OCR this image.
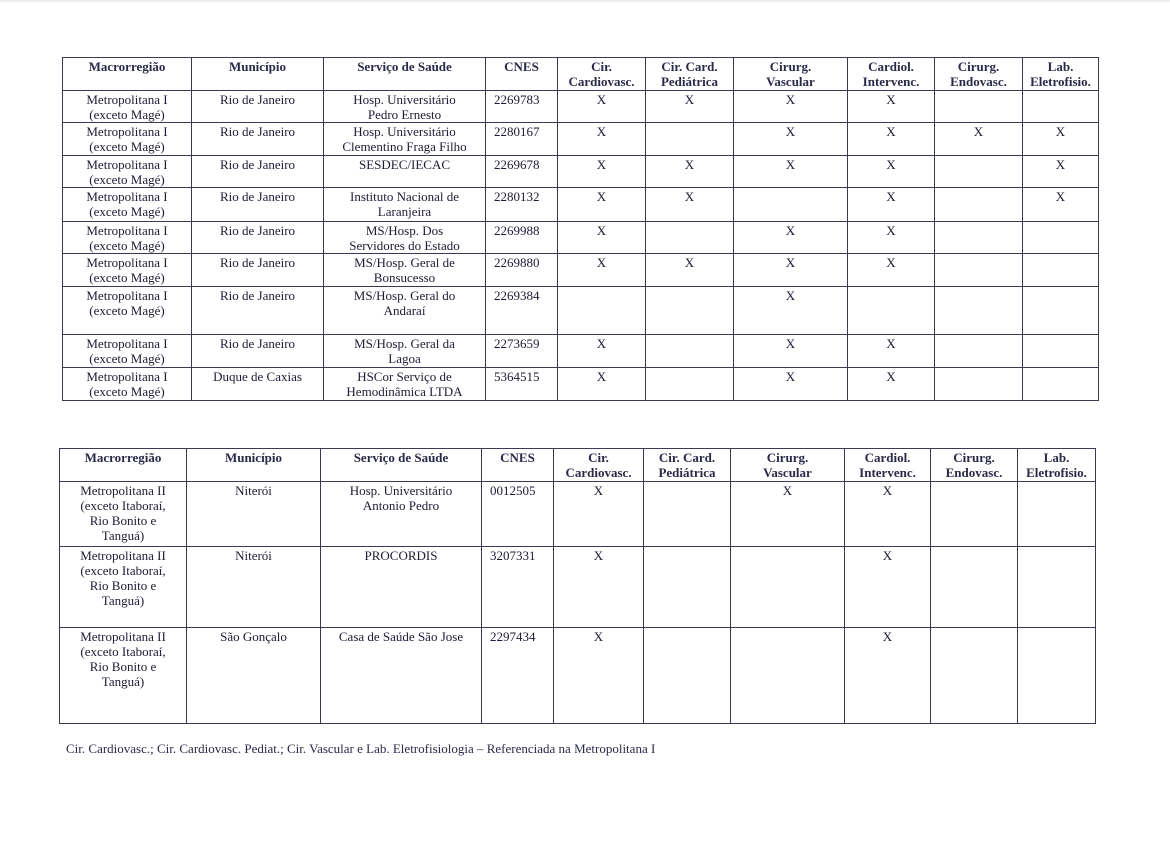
Macrorregião	Município	Serviço de Saúde	CNES	Cir.
Cardiovasc.	Cir. Card.
Pediátrica	Cirurg.
Vascular	Cardiol.
Intervenc.	Cirurg.
Endovasc.	Lab.
Eletrofisio.

Metropolitana I
(exceto Magé)	Rio de Janeiro	Hosp. Universitário
Pedro Ernesto	2269783	X	X	X	X		

Metropolitana I
(exceto Magé)	Rio de Janeiro	Hosp. Universitário
Clementino Fraga Filho	2280167	X		X	X	X	X

Metropolitana I
(exceto Magé)	Rio de Janeiro	SESDEC/IECAC	2269678	X	X	X	X		X

Metropolitana I
(exceto Magé)	Rio de Janeiro	Instituto Nacional de
Laranjeira	2280132	X	X		X		X

Metropolitana I
(exceto Magé)	Rio de Janeiro	MS/Hosp. Dos
Servidores do Estado	2269988	X		X	X		

Metropolitana I
(exceto Magé)	Rio de Janeiro	MS/Hosp. Geral de
Bonsucesso	2269880	X	X	X	X		

Metropolitana I
(exceto Magé)	Rio de Janeiro	MS/Hosp. Geral do
Andaraí	2269384			X			

Metropolitana I
(exceto Magé)	Rio de Janeiro	MS/Hosp. Geral da
Lagoa	2273659	X		X	X		

Metropolitana I
(exceto Magé)	Duque de Caxias	HSCor Serviço de
Hemodinâmica LTDA	5364515	X		X	X		
Macrorregião	Município	Serviço de Saúde	CNES	Cir.
Cardiovasc.	Cir. Card.
Pediátrica	Cirurg.
Vascular	Cardiol.
Intervenc.	Cirurg.
Endovasc.	Lab.
Eletrofisio.

Metropolitana II
(exceto Itaboraí,
Rio Bonito e
Tanguá)	Niterói	Hosp. Universitário
Antonio Pedro	0012505	X		X	X		

Metropolitana II
(exceto Itaboraí,
Rio Bonito e
Tanguá)	Niterói	PROCORDIS	3207331	X			X		

Metropolitana II
(exceto Itaboraí,
Rio Bonito e
Tanguá)	São Gonçalo	Casa de Saúde São Jose	2297434	X			X		
Cir. Cardiovasc.; Cir. Cardiovasc. Pediat.; Cir. Vascular e Lab. Eletrofisiologia – Referenciada na Metropolitana I
